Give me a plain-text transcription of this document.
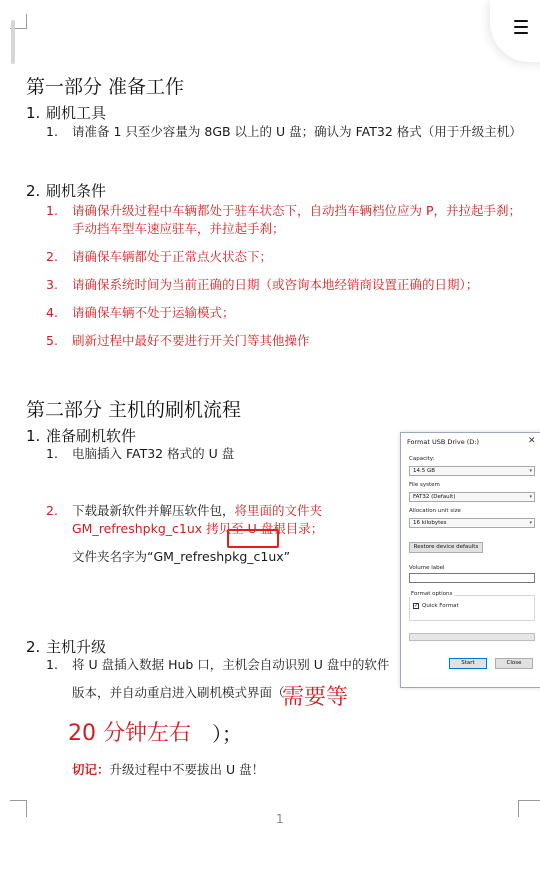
第一部分 准备工作
1. 刷机工具
1. 请准备 1 只至少容量为 8GB 以上的 U 盘；确认为 FAT32 格式（用于升级主机）
2. 刷机条件
1. 请确保升级过程中车辆都处于驻车状态下，自动挡车辆档位应为 P，并拉起手刹；
手动挡车型车速应驻车，并拉起手刹；
2. 请确保车辆都处于正常点火状态下；
3. 请确保系统时间为当前正确的日期（或咨询本地经销商设置正确的日期）；
4. 请确保车辆不处于运输模式；
5. 刷新过程中最好不要进行开关门等其他操作
第二部分 主机的刷机流程
1. 准备刷机软件
1. 电脑插入 FAT32 格式的 U 盘
2. 下载最新软件并解压软件包，将里面的文件夹
GM_refreshpkg_c1ux 拷贝至 U 盘根目录；
文件夹名字为“GM_refreshpkg_c1ux”
2. 主机升级
1. 将 U 盘插入数据 Hub 口，主机会自动识别 U 盘中的软件
版本，并自动重启进入刷机模式界面（
需要等
20 分钟左右 ）；
切记：升级过程中不要拔出 U 盘！
1
Format USB Drive (D:)	✕
Capacity:
14.5 GB	▾
File system
FAT32 (Default)	▾
Allocation unit size
16 kilobytes	▾
Restore device defaults
Volume label
Format options
✓ Quick Format
Start	Close
